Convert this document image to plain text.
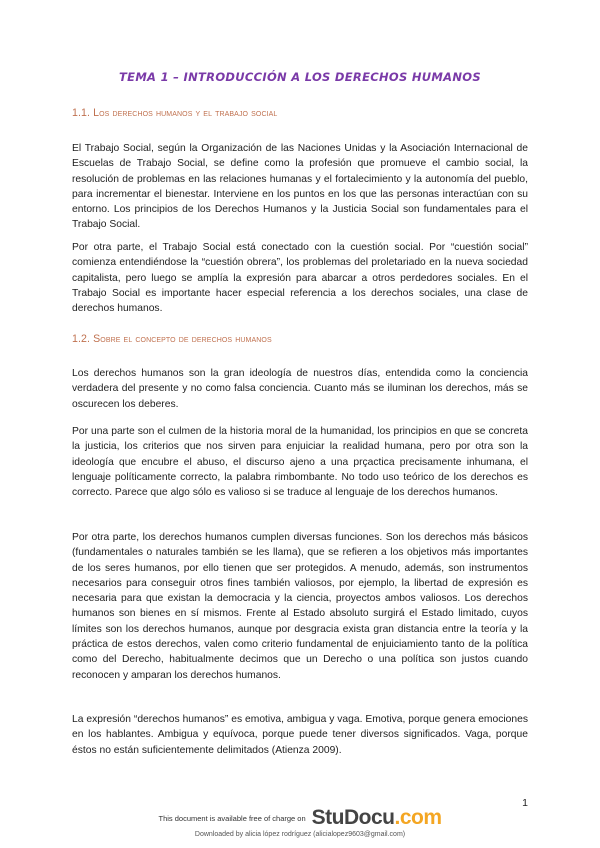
TEMA 1 – INTRODUCCIÓN A LOS DERECHOS HUMANOS
1.1. Los derechos humanos y el trabajo social

El Trabajo Social, según la Organización de las Naciones Unidas y la Asociación Internacional de Escuelas de Trabajo Social, se define como la profesión que promueve el cambio social, la resolución de problemas en las relaciones humanas y el fortalecimiento y la autonomía del pueblo, para incrementar el bienestar. Interviene en los puntos en los que las personas interactúan con su entorno. Los principios de los Derechos Humanos y la Justicia Social son fundamentales para el Trabajo Social.

Por otra parte, el Trabajo Social está conectado con la cuestión social. Por “cuestión social” comienza entendiéndose la “cuestión obrera”, los problemas del proletariado en la nueva sociedad capitalista, pero luego se amplía la expresión para abarcar a otros perdedores sociales. En el Trabajo Social es importante hacer especial referencia a los derechos sociales, una clase de derechos humanos.

1.2. Sobre el concepto de derechos humanos

Los derechos humanos son la gran ideología de nuestros días, entendida como la conciencia verdadera del presente y no como falsa conciencia. Cuanto más se iluminan los derechos, más se oscurecen los deberes.

Por una parte son el culmen de la historia moral de la humanidad, los principios en que se concreta la justicia, los criterios que nos sirven para enjuiciar la realidad humana, pero por otra son la ideología que encubre el abuso, el discurso ajeno a una prçactica precisamente inhumana, el lenguaje políticamente correcto, la palabra rimbombante. No todo uso teórico de los derechos es correcto. Parece que algo sólo es valioso si se traduce al lenguaje de los derechos humanos.

Por otra parte, los derechos humanos cumplen diversas funciones. Son los derechos más básicos (fundamentales o naturales también se les llama), que se refieren a los objetivos más importantes de los seres humanos, por ello tienen que ser protegidos. A menudo, además, son instrumentos necesarios para conseguir otros fines también valiosos, por ejemplo, la libertad de expresión es necesaria para que existan la democracia y la ciencia, proyectos ambos valiosos. Los derechos humanos son bienes en sí mismos. Frente al Estado absoluto surgirá el Estado limitado, cuyos límites son los derechos humanos, aunque por desgracia exista gran distancia entre la teoría y la práctica de estos derechos, valen como criterio fundamental de enjuiciamiento tanto de la política como del Derecho, habitualmente decimos que un Derecho o una política son justos cuando reconocen y amparan los derechos humanos.

La expresión “derechos humanos” es emotiva, ambigua y vaga. Emotiva, porque genera emociones en los hablantes. Ambigua y equívoca, porque puede tener diversos significados. Vaga, porque éstos no están suficientemente delimitados (Atienza 2009).

1
This document is available free of charge on StuDocu.com
Downloaded by alicia lópez rodríguez (alicialopez9603@gmail.com)
